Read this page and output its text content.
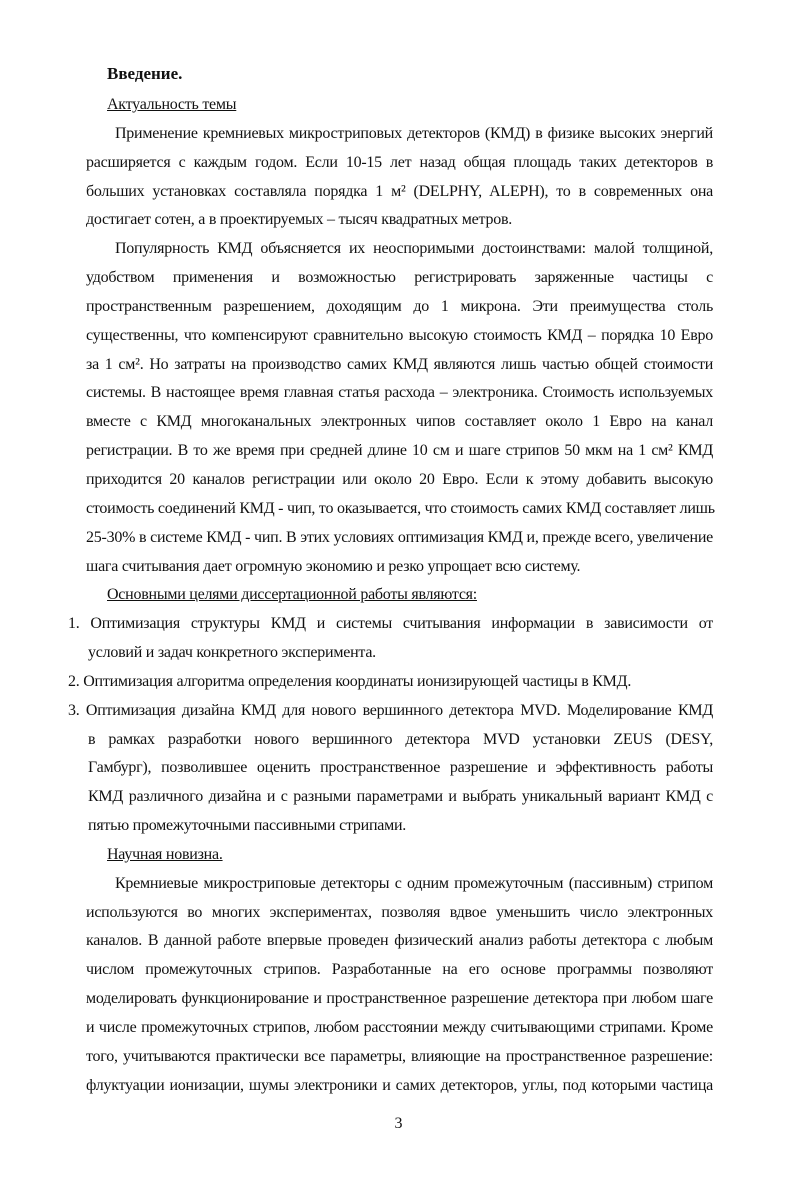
Введение.
Актуальность темы
Применение кремниевых микростриповых детекторов (КМД) в физике высоких энергий
расширяется с каждым годом. Если 10-15 лет назад общая площадь таких детекторов в
больших установках составляла порядка 1 м² (DELPHY, ALEPH), то в современных она
достигает сотен, а в проектируемых – тысяч квадратных метров.
Популярность КМД объясняется их неоспоримыми достоинствами: малой толщиной,
удобством применения и возможностью регистрировать заряженные частицы с
пространственным разрешением, доходящим до 1 микрона. Эти преимущества столь
существенны, что компенсируют сравнительно высокую стоимость КМД – порядка 10 Евро
за 1 см². Но затраты на производство самих КМД являются лишь частью общей стоимости
системы. В настоящее время главная статья расхода – электроника. Стоимость используемых
вместе с КМД многоканальных электронных чипов составляет около 1 Евро на канал
регистрации. В то же время при средней длине 10 см и шаге стрипов 50 мкм на 1 см² КМД
приходится 20 каналов регистрации или около 20 Евро. Если к этому добавить высокую
стоимость соединений КМД - чип, то оказывается, что стоимость самих КМД составляет лишь
25-30% в системе КМД - чип. В этих условиях оптимизация КМД и, прежде всего, увеличение
шага считывания дает огромную экономию и резко упрощает всю систему.
Основными целями диссертационной работы являются:
1. Оптимизация структуры КМД и системы считывания информации в зависимости от
условий и задач конкретного эксперимента.
2. Оптимизация алгоритма определения координаты ионизирующей частицы в КМД.
3. Оптимизация дизайна КМД для нового вершинного детектора MVD. Моделирование КМД
в рамках разработки нового вершинного детектора MVD установки ZEUS (DESY,
Гамбург), позволившее оценить пространственное разрешение и эффективность работы
КМД различного дизайна и с разными параметрами и выбрать уникальный вариант КМД с
пятью промежуточными пассивными стрипами.
Научная новизна.
Кремниевые микростриповые детекторы с одним промежуточным (пассивным) стрипом
используются во многих экспериментах, позволяя вдвое уменьшить число электронных
каналов. В данной работе впервые проведен физический анализ работы детектора с любым
числом промежуточных стрипов. Разработанные на его основе программы позволяют
моделировать функционирование и пространственное разрешение детектора при любом шаге
и числе промежуточных стрипов, любом расстоянии между считывающими стрипами. Кроме
того, учитываются практически все параметры, влияющие на пространственное разрешение:
флуктуации ионизации, шумы электроники и самих детекторов, углы, под которыми частица
3
